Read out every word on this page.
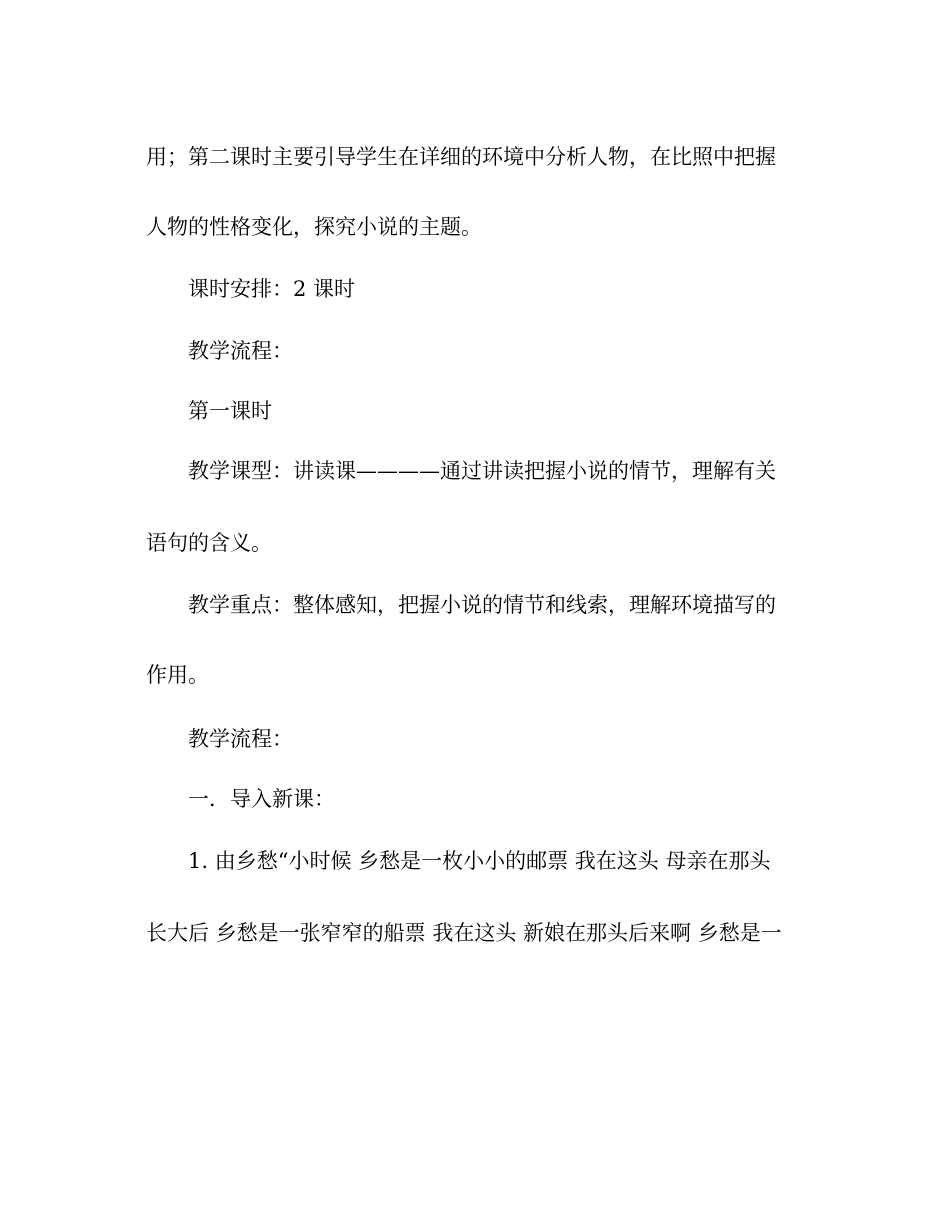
用；第二课时主要引导学生在详细的环境中分析人物，在比照中把握
人物的性格变化，探究小说的主题。
课时安排：2 课时
教学流程：
第一课时
教学课型：讲读课————通过讲读把握小说的情节，理解有关
语句的含义。
教学重点：整体感知，把握小说的情节和线索，理解环境描写的
作用。
教学流程：
一．导入新课：
1. 由乡愁“小时候 乡愁是一枚小小的邮票 我在这头 母亲在那头
长大后 乡愁是一张窄窄的船票 我在这头 新娘在那头后来啊 乡愁是一
